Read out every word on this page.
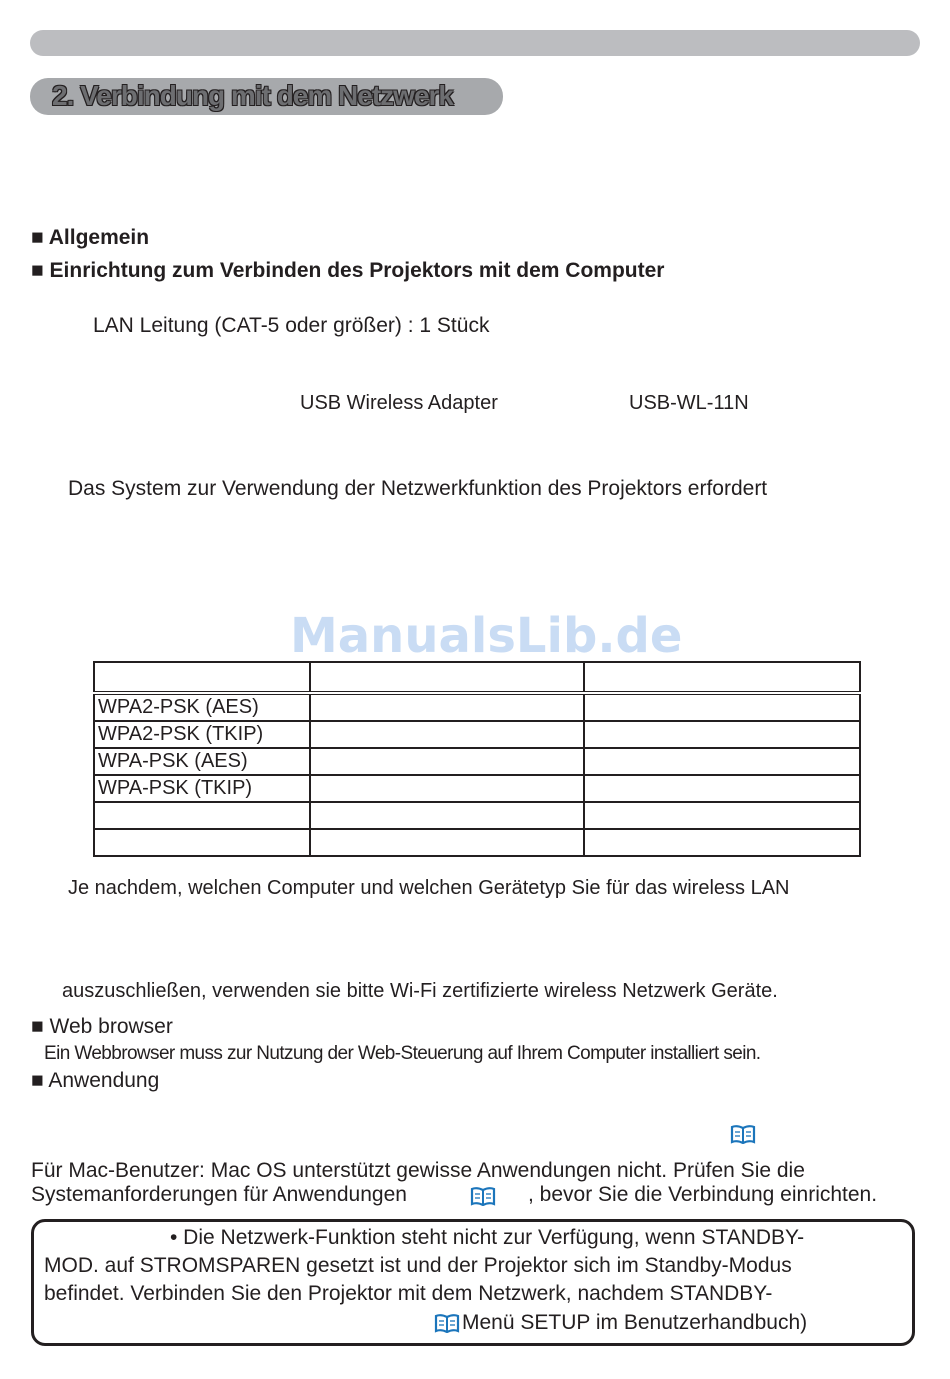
2. Verbindung mit dem Netzwerk
■ Allgemein
■ Einrichtung zum Verbinden des Projektors mit dem Computer
LAN Leitung (CAT-5 oder größer) : 1 Stück
USB Wireless Adapter	USB-WL-11N
Das System zur Verwendung der Netzwerkfunktion des Projektors erfordert
ManualsLib.de

WPA2-PSK (AES)		
WPA2-PSK (TKIP)		
WPA-PSK (AES)		
WPA-PSK (TKIP)		

Je nachdem, welchen Computer und welchen Gerätetyp Sie für das wireless LAN
auszuschließen, verwenden sie bitte Wi-Fi zertifizierte wireless Netzwerk Geräte.
■ Web browser
Ein Webbrowser muss zur Nutzung der Web-Steuerung auf Ihrem Computer installiert sein.
■ Anwendung
Für Mac-Benutzer: Mac OS unterstützt gewisse Anwendungen nicht. Prüfen Sie die
Systemanforderungen für Anwendungen	, bevor Sie die Verbindung einrichten.
• Die Netzwerk-Funktion steht nicht zur Verfügung, wenn STANDBY-
MOD. auf STROMSPAREN gesetzt ist und der Projektor sich im Standby-Modus
befindet. Verbinden Sie den Projektor mit dem Netzwerk, nachdem STANDBY-
Menü SETUP im Benutzerhandbuch)
